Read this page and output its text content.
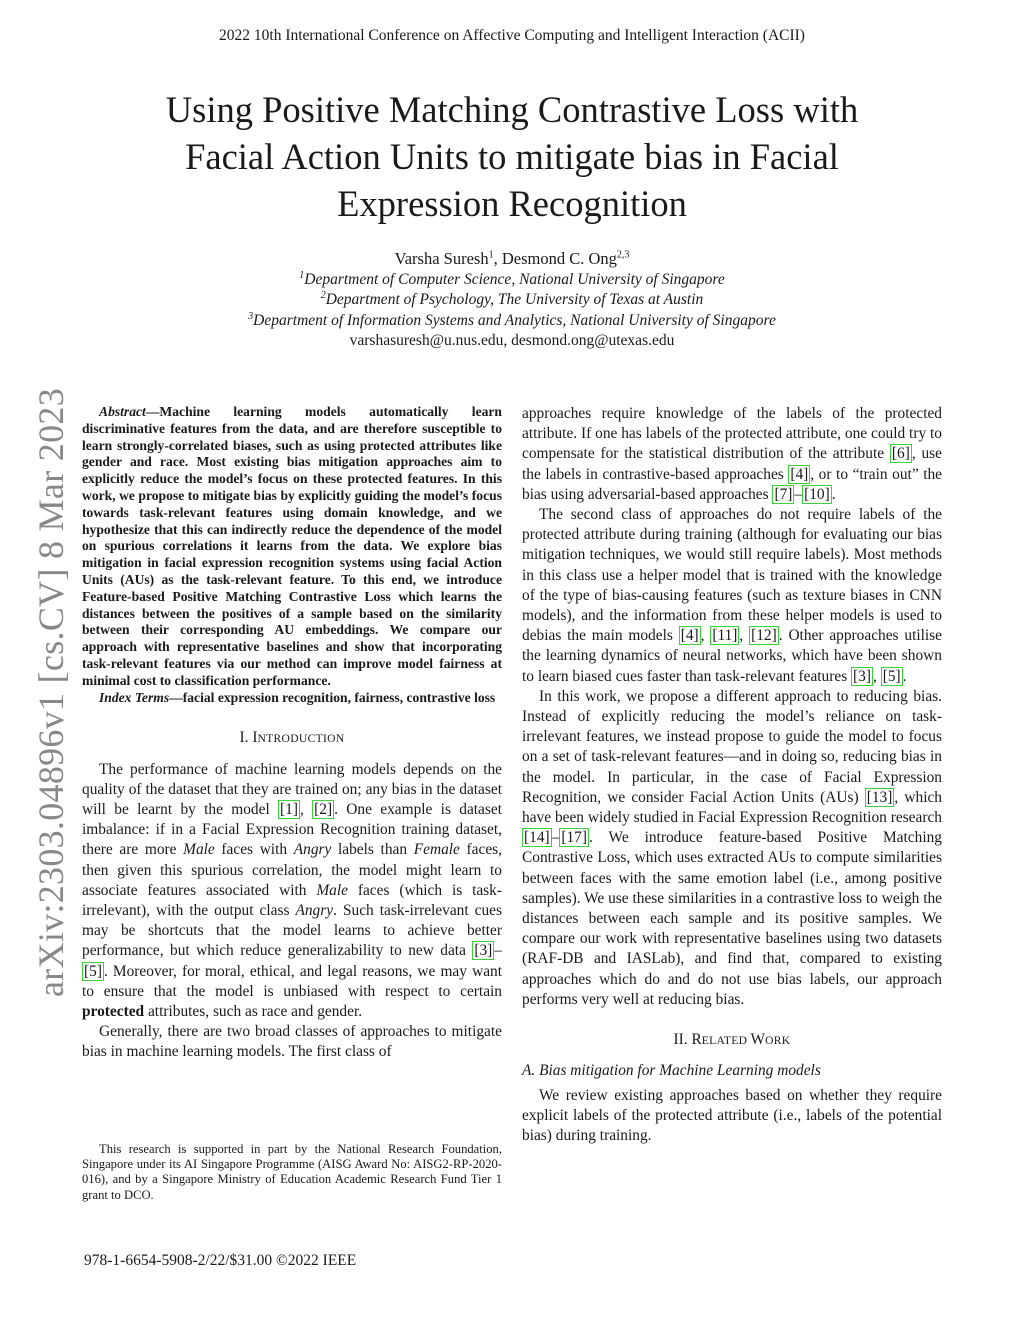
2022 10th International Conference on Affective Computing and Intelligent Interaction (ACII)
Using Positive Matching Contrastive Loss with
Facial Action Units to mitigate bias in Facial
Expression Recognition
Varsha Suresh$^1$, Desmond C. Ong$^{2,3}$
$^1$Department of Computer Science, National University of Singapore
$^2$Department of Psychology, The University of Texas at Austin
$^3$Department of Information Systems and Analytics, National University of Singapore
varshasuresh@u.nus.edu, desmond.ong@utexas.edu
arXiv:2303.04896v1 [cs.CV] 8 Mar 2023	Abstract—Machine learning models automatically learn discriminative features from the data, and are therefore susceptible to learn strongly-correlated biases, such as using protected attributes like gender and race. Most existing bias mitigation approaches aim to explicitly reduce the model’s focus on these protected features. In this work, we propose to mitigate bias by explicitly guiding the model’s focus towards task-relevant features using domain knowledge, and we hypothesize that this can indirectly reduce the dependence of the model on spurious correlations it learns from the data. We explore bias mitigation in facial expression recognition systems using facial Action Units (AUs) as the task-relevant feature. To this end, we introduce Feature-based Positive Matching Contrastive Loss which learns the distances between the positives of a sample based on the similarity between their corresponding AU embeddings. We compare our approach with representative baselines and show that incorporating task-relevant features via our method can improve model fairness at minimal cost to classification performance.

Index Terms—facial expression recognition, fairness, contrastive loss

I. INTRODUCTION

The performance of machine learning models depends on the quality of the dataset that they are trained on; any bias in the dataset will be learnt by the model [1] , [2] . One example is dataset imbalance: if in a Facial Expression Recognition training dataset, there are more Male faces with Angry labels than Female faces, then given this spurious correlation, the model might learn to associate features associated with Male faces (which is task-irrelevant), with the output class Angry. Such task-irrelevant cues may be shortcuts that the model learns to achieve better performance, but which reduce generalizability to new data [3] –[5] . Moreover, for moral, ethical, and legal reasons, we may want to ensure that the model is unbiased with respect to certain protected attributes, such as race and gender.

Generally, there are two broad classes of approaches to mitigate bias in machine learning models. The first class of

This research is supported in part by the National Research Foundation, Singapore under its AI Singapore Programme (AISG Award No: AISG2-RP-2020-016), and by a Singapore Ministry of Education Academic Research Fund Tier 1 grant to DCO.

approaches require knowledge of the labels of the protected attribute. If one has labels of the protected attribute, one could try to compensate for the statistical distribution of the attribute [6] , use the labels in contrastive-based approaches [4] , or to “train out” the bias using adversarial-based approaches [7] – [10] .

The second class of approaches do not require labels of the protected attribute during training (although for evaluating our bias mitigation techniques, we would still require labels). Most methods in this class use a helper model that is trained with the knowledge of the type of bias-causing features (such as texture biases in CNN models), and the information from these helper models is used to debias the main models [4] , [11] , [12] . Other approaches utilise the learning dynamics of neural networks, which have been shown to learn biased cues faster than task-relevant features [3] , [5] .

In this work, we propose a different approach to reducing bias. Instead of explicitly reducing the model’s reliance on task-irrelevant features, we instead propose to guide the model to focus on a set of task-relevant features—and in doing so, reducing bias in the model. In particular, in the case of Facial Expression Recognition, we consider Facial Action Units (AUs) [13] , which have been widely studied in Facial Expression Recognition research [14] – [17] . We introduce feature-based Positive Matching Contrastive Loss, which uses extracted AUs to compute similarities between faces with the same emotion label (i.e., among positive samples). We use these similarities in a contrastive loss to weigh the distances between each sample and its positive samples. We compare our work with representative baselines using two datasets (RAF-DB and IASLab), and find that, compared to existing approaches which do and do not use bias labels, our approach performs very well at reducing bias.

II. RELATED WORK
A. Bias mitigation for Machine Learning models

We review existing approaches based on whether they require explicit labels of the protected attribute (i.e., labels of the potential bias) during training.

978-1-6654-5908-2/22/$31.00 ©2022 IEEE
